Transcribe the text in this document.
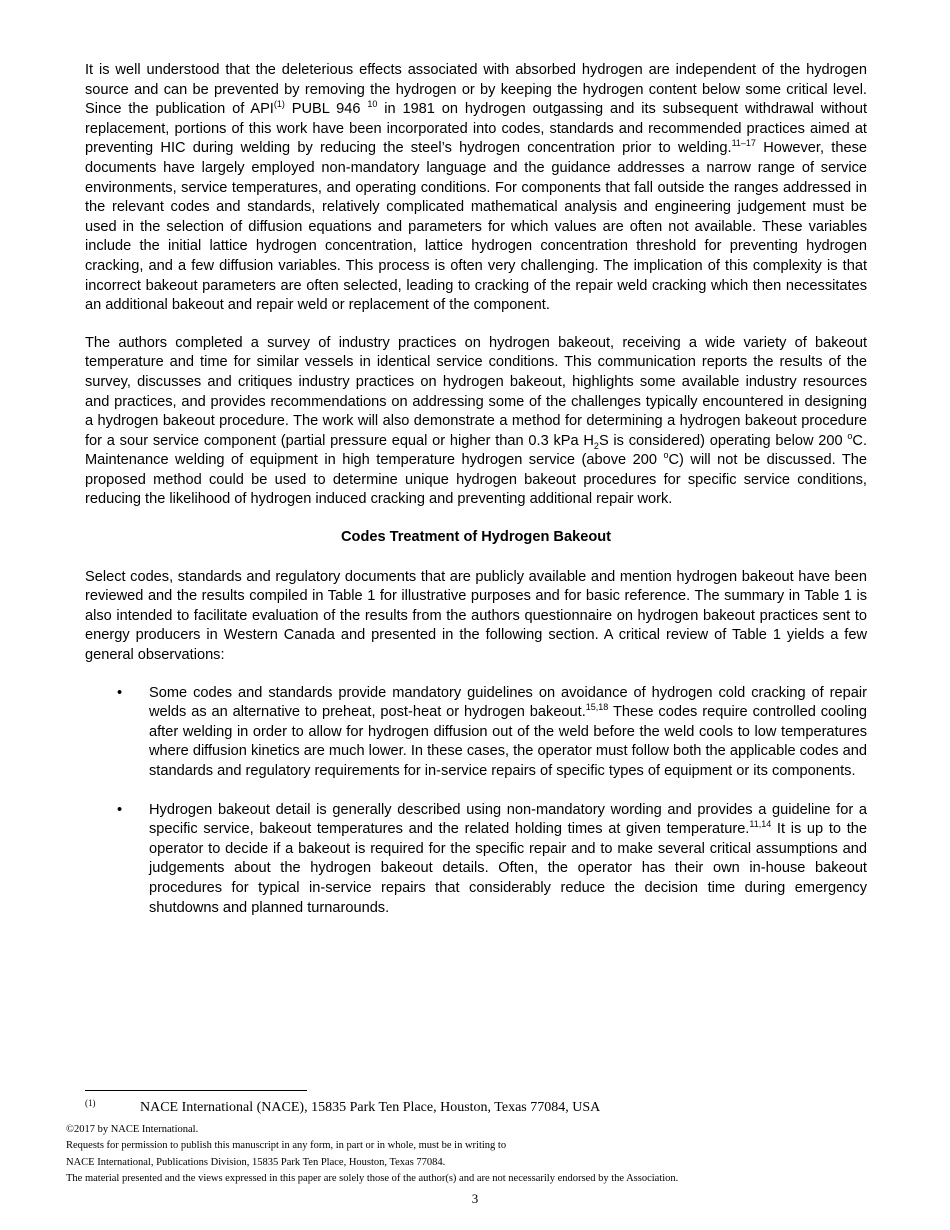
It is well understood that the deleterious effects associated with absorbed hydrogen are independent of the hydrogen source and can be prevented by removing the hydrogen or by keeping the hydrogen content below some critical level. Since the publication of API$^{(1)}$ PUBL 946 $^{10}$ in 1981 on hydrogen outgassing and its subsequent withdrawal without replacement, portions of this work have been incorporated into codes, standards and recommended practices aimed at preventing HIC during welding by reducing the steel’s hydrogen concentration prior to welding.$^{11-17}$ However, these documents have largely employed non-mandatory language and the guidance addresses a narrow range of service environments, service temperatures, and operating conditions. For components that fall outside the ranges addressed in the relevant codes and standards, relatively complicated mathematical analysis and engineering judgement must be used in the selection of diffusion equations and parameters for which values are often not available. These variables include the initial lattice hydrogen concentration, lattice hydrogen concentration threshold for preventing hydrogen cracking, and a few diffusion variables. This process is often very challenging. The implication of this complexity is that incorrect bakeout parameters are often selected, leading to cracking of the repair weld cracking which then necessitates an additional bakeout and repair weld or replacement of the component.

The authors completed a survey of industry practices on hydrogen bakeout, receiving a wide variety of bakeout temperature and time for similar vessels in identical service conditions. This communication reports the results of the survey, discusses and critiques industry practices on hydrogen bakeout, highlights some available industry resources and practices, and provides recommendations on addressing some of the challenges typically encountered in designing a hydrogen bakeout procedure. The work will also demonstrate a method for determining a hydrogen bakeout procedure for a sour service component (partial pressure equal or higher than 0.3 kPa $H_2S$ is considered) operating below 200 $^o$C. Maintenance welding of equipment in high temperature hydrogen service (above 200 $^o$C) will not be discussed. The proposed method could be used to determine unique hydrogen bakeout procedures for specific service conditions, reducing the likelihood of hydrogen induced cracking and preventing additional repair work.

Codes Treatment of Hydrogen Bakeout

Select codes, standards and regulatory documents that are publicly available and mention hydrogen bakeout have been reviewed and the results compiled in Table 1 for illustrative purposes and for basic reference. The summary in Table 1 is also intended to facilitate evaluation of the results from the authors questionnaire on hydrogen bakeout practices sent to energy producers in Western Canada and presented in the following section. A critical review of Table 1 yields a few general observations:

• Some codes and standards provide mandatory guidelines on avoidance of hydrogen cold cracking of repair welds as an alternative to preheat, post-heat or hydrogen bakeout.$^{15,18}$ These codes require controlled cooling after welding in order to allow for hydrogen diffusion out of the weld before the weld cools to low temperatures where diffusion kinetics are much lower. In these cases, the operator must follow both the applicable codes and standards and regulatory requirements for in-service repairs of specific types of equipment or its components.
• Hydrogen bakeout detail is generally described using non-mandatory wording and provides a guideline for a specific service, bakeout temperatures and the related holding times at given temperature.$^{11,14}$ It is up to the operator to decide if a bakeout is required for the specific repair and to make several critical assumptions and judgements about the hydrogen bakeout details. Often, the operator has their own in-house bakeout procedures for typical in-service repairs that considerably reduce the decision time during emergency shutdowns and planned turnarounds.
$^{(1)}$	NACE International (NACE), 15835 Park Ten Place, Houston, Texas 77084, USA
©2017 by NACE International.
Requests for permission to publish this manuscript in any form, in part or in whole, must be in writing to
NACE International, Publications Division, 15835 Park Ten Place, Houston, Texas 77084.
The material presented and the views expressed in this paper are solely those of the author(s) and are not necessarily endorsed by the Association.
3
